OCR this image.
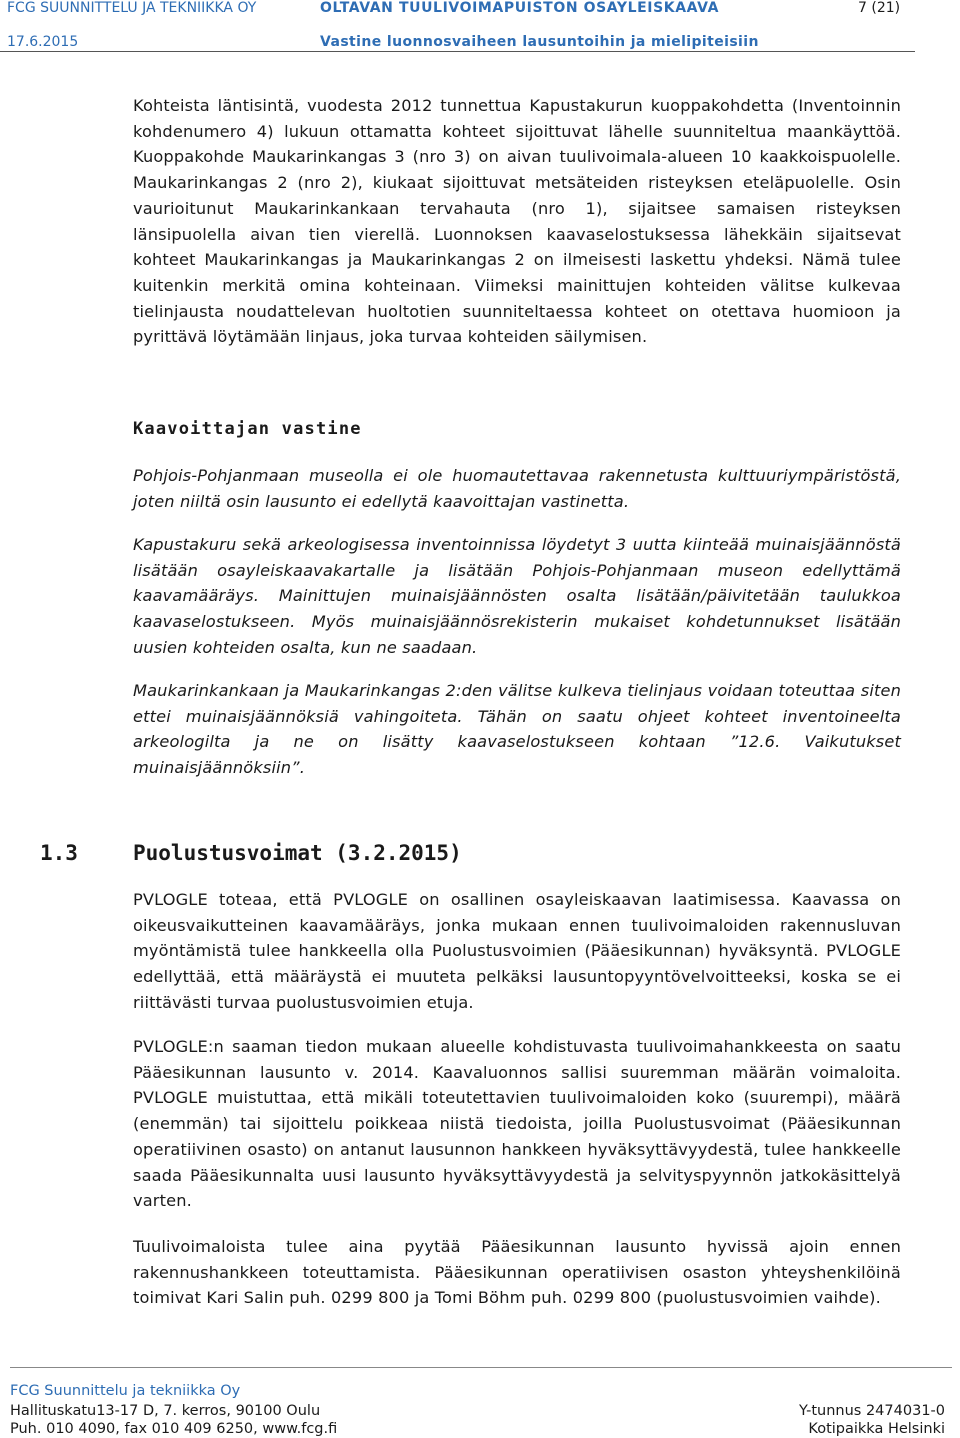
FCG SUUNNITTELU JA TEKNIIKKA OY	OLTAVAN TUULIVOIMAPUISTON OSAYLEISKAAVA	7 (21)
17.6.2015	Vastine luonnosvaiheen lausuntoihin ja mielipiteisiin

Kohteista läntisintä, vuodesta 2012 tunnettua Kapustakurun kuoppakohdetta (Inventoinnin kohdenumero 4) lukuun ottamatta kohteet sijoittuvat lähelle suunniteltua maankäyttöä. Kuoppakohde Maukarinkangas 3 (nro 3) on aivan tuulivoimala-alueen 10 kaakkoispuolelle. Maukarinkangas 2 (nro 2), kiukaat sijoittuvat metsäteiden risteyksen eteläpuolelle. Osin vaurioitunut Maukarinkankaan tervahauta (nro 1), sijaitsee samaisen risteyksen länsipuolella aivan tien vierellä. Luonnoksen kaavaselostuksessa lähekkäin sijaitsevat kohteet Maukarinkangas ja Maukarinkangas 2 on ilmeisesti laskettu yhdeksi. Nämä tulee kuitenkin merkitä omina kohteinaan. Viimeksi mainittujen kohteiden välitse kulkevaa tielinjausta noudattelevan huoltotien suunniteltaessa kohteet on otettava huomioon ja pyrittävä löytämään linjaus, joka turvaa kohteiden säilymisen.

Kaavoittajan vastine

Pohjois-Pohjanmaan museolla ei ole huomautettavaa rakennetusta kulttuuriympäristöstä, joten niiltä osin lausunto ei edellytä kaavoittajan vastinetta.

Kapustakuru sekä arkeologisessa inventoinnissa löydetyt 3 uutta kiinteää muinaisjäännöstä lisätään osayleiskaavakartalle ja lisätään Pohjois-Pohjanmaan museon edellyttämä kaavamääräys. Mainittujen muinaisjäännösten osalta lisätään/päivitetään taulukkoa kaavaselostukseen. Myös muinaisjäännösrekisterin mukaiset kohdetunnukset lisätään uusien kohteiden osalta, kun ne saadaan.

Maukarinkankaan ja Maukarinkangas 2:den välitse kulkeva tielinjaus voidaan toteuttaa siten ettei muinaisjäännöksiä vahingoiteta. Tähän on saatu ohjeet kohteet inventoineelta arkeologilta ja ne on lisätty kaavaselostukseen kohtaan ”12.6. Vaikutukset muinaisjäännöksiin”.

1.3	Puolustusvoimat (3.2.2015)

PVLOGLE toteaa, että PVLOGLE on osallinen osayleiskaavan laatimisessa. Kaavassa on oikeusvaikutteinen kaavamääräys, jonka mukaan ennen tuulivoimaloiden rakennusluvan myöntämistä tulee hankkeella olla Puolustusvoimien (Pääesikunnan) hyväksyntä. PVLOGLE edellyttää, että määräystä ei muuteta pelkäksi lausuntopyyntövelvoitteeksi, koska se ei riittävästi turvaa puolustusvoimien etuja.

PVLOGLE:n saaman tiedon mukaan alueelle kohdistuvasta tuulivoimahankkeesta on saatu Pääesikunnan lausunto v. 2014. Kaavaluonnos sallisi suuremman määrän voimaloita. PVLOGLE muistuttaa, että mikäli toteutettavien tuulivoimaloiden koko (suurempi), määrä (enemmän) tai sijoittelu poikkeaa niistä tiedoista, joilla Puolustusvoimat (Pääesikunnan operatiivinen osasto) on antanut lausunnon hankkeen hyväksyttävyydestä, tulee hankkeelle saada Pääesikunnalta uusi lausunto hyväksyttävyydestä ja selvityspyynnön jatkokäsittelyä varten.

Tuulivoimaloista tulee aina pyytää Pääesikunnan lausunto hyvissä ajoin ennen rakennushankkeen toteuttamista. Pääesikunnan operatiivisen osaston yhteyshenkilöinä toimivat Kari Salin puh. 0299 800 ja Tomi Böhm puh. 0299 800 (puolustusvoimien vaihde).

FCG Suunnittelu ja tekniikka Oy
Hallituskatu13-17 D, 7. kerros, 90100 Oulu
Puh. 010 4090, fax 010 409 6250, www.fcg.fi
Y-tunnus 2474031-0
Kotipaikka Helsinki
